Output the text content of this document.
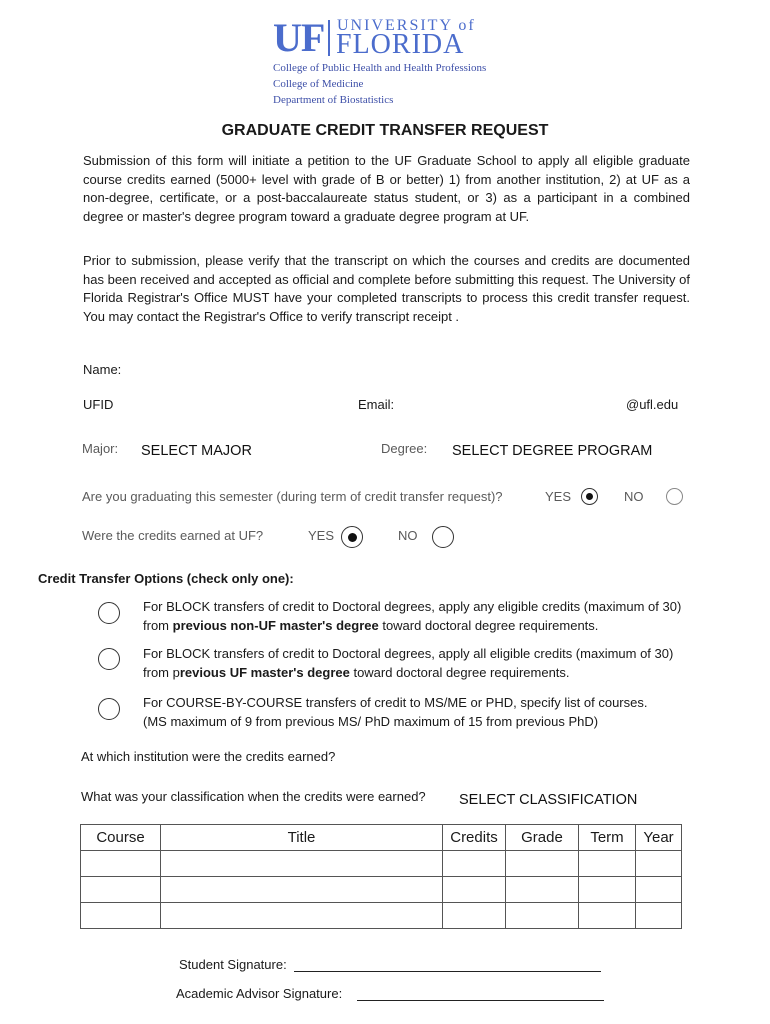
UF UNIVERSITY of
FLORIDA
College of Public Health and Health Professions
College of Medicine
Department of Biostatistics
GRADUATE CREDIT TRANSFER REQUEST
Submission of this form will initiate a petition to the UF Graduate School to apply all eligible graduate course credits earned (5000+ level with grade of B or better) 1) from another institution, 2) at UF as a non-degree, certificate, or a post-baccalaureate status student, or 3) as a participant in a combined degree or master's degree program toward a graduate degree program at UF.
Prior to submission, please verify that the transcript on which the courses and credits are documented has been received and accepted as official and complete before submitting this request. The University of Florida Registrar's Office MUST have your completed transcripts to process this credit transfer request. You may contact the Registrar's Office to verify transcript receipt .
Name:
UFID	Email:	@ufl.edu
Major: SELECT MAJOR	Degree: SELECT DEGREE PROGRAM
Are you graduating this semester (during term of credit transfer request)?	YES	NO
Were the credits earned at UF?	YES	NO
Credit Transfer Options (check only one):
For BLOCK transfers of credit to Doctoral degrees, apply any eligible credits (maximum of 30) from previous non-UF master's degree toward doctoral degree requirements.
For BLOCK transfers of credit to Doctoral degrees, apply all eligible credits (maximum of 30) from previous UF master's degree toward doctoral degree requirements.
For COURSE-BY-COURSE transfers of credit to MS/ME or PHD, specify list of courses. (MS maximum of 9 from previous MS/ PhD maximum of 15 from previous PhD)
At which institution were the credits earned?
What was your classification when the credits were earned? SELECT CLASSIFICATION
Course	Title	Credits	Grade	Term	Year

Student Signature:
Academic Advisor Signature:
